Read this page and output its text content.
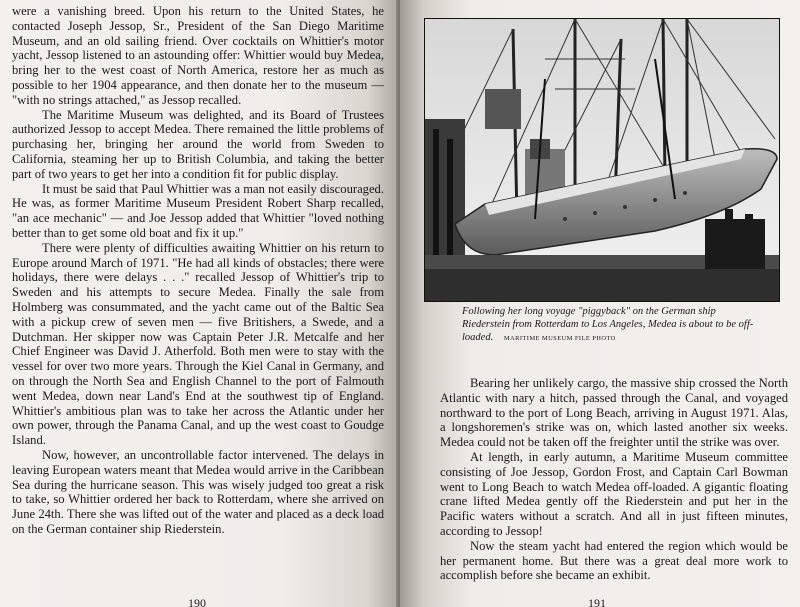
were a vanishing breed. Upon his return to the United States, he contacted Joseph Jessop, Sr., President of the San Diego Maritime Museum, and an old sailing friend. Over cocktails on Whittier's motor yacht, Jessop listened to an astounding offer: Whittier would buy Medea, bring her to the west coast of North America, restore her as much as possible to her 1904 appearance, and then donate her to the museum — "with no strings attached," as Jessop recalled.

The Maritime Museum was delighted, and its Board of Trustees authorized Jessop to accept Medea. There remained the little problems of purchasing her, bringing her around the world from Sweden to California, steaming her up to British Columbia, and taking the better part of two years to get her into a condition fit for public display.

It must be said that Paul Whittier was a man not easily discouraged. He was, as former Maritime Museum President Robert Sharp recalled, "an ace mechanic" — and Joe Jessop added that Whittier "loved nothing better than to get some old boat and fix it up."

There were plenty of difficulties awaiting Whittier on his return to Europe around March of 1971. "He had all kinds of obstacles; there were holidays, there were delays . . ." recalled Jessop of Whittier's trip to Sweden and his attempts to secure Medea. Finally the sale from Holmberg was consummated, and the yacht came out of the Baltic Sea with a pickup crew of seven men — five Britishers, a Swede, and a Dutchman. Her skipper now was Captain Peter J.R. Metcalfe and her Chief Engineer was David J. Atherfold. Both men were to stay with the vessel for over two more years. Through the Kiel Canal in Germany, and on through the North Sea and English Channel to the port of Falmouth went Medea, down near Land's End at the southwest tip of England. Whittier's ambitious plan was to take her across the Atlantic under her own power, through the Panama Canal, and up the west coast to Goudge Island.

Now, however, an uncontrollable factor intervened. The delays in leaving European waters meant that Medea would arrive in the Caribbean Sea during the hurricane season. This was wisely judged too great a risk to take, so Whittier ordered her back to Rotterdam, where she arrived on June 24th. There she was lifted out of the water and placed as a deck load on the German container ship Riederstein.

190
Following her long voyage "piggyback" on the German ship Riederstein from Rotterdam to Los Angeles, Medea is about to be off-loaded. MARITIME MUSEUM FILE PHOTO

Bearing her unlikely cargo, the massive ship crossed the North Atlantic with nary a hitch, passed through the Canal, and voyaged northward to the port of Long Beach, arriving in August 1971. Alas, a longshoremen's strike was on, which lasted another six weeks. Medea could not be taken off the freighter until the strike was over.

At length, in early autumn, a Maritime Museum committee consisting of Joe Jessop, Gordon Frost, and Captain Carl Bowman went to Long Beach to watch Medea off-loaded. A gigantic floating crane lifted Medea gently off the Riederstein and put her in the Pacific waters without a scratch. And all in just fifteen minutes, according to Jessop!

Now the steam yacht had entered the region which would be her permanent home. But there was a great deal more work to accomplish before she became an exhibit.

191
